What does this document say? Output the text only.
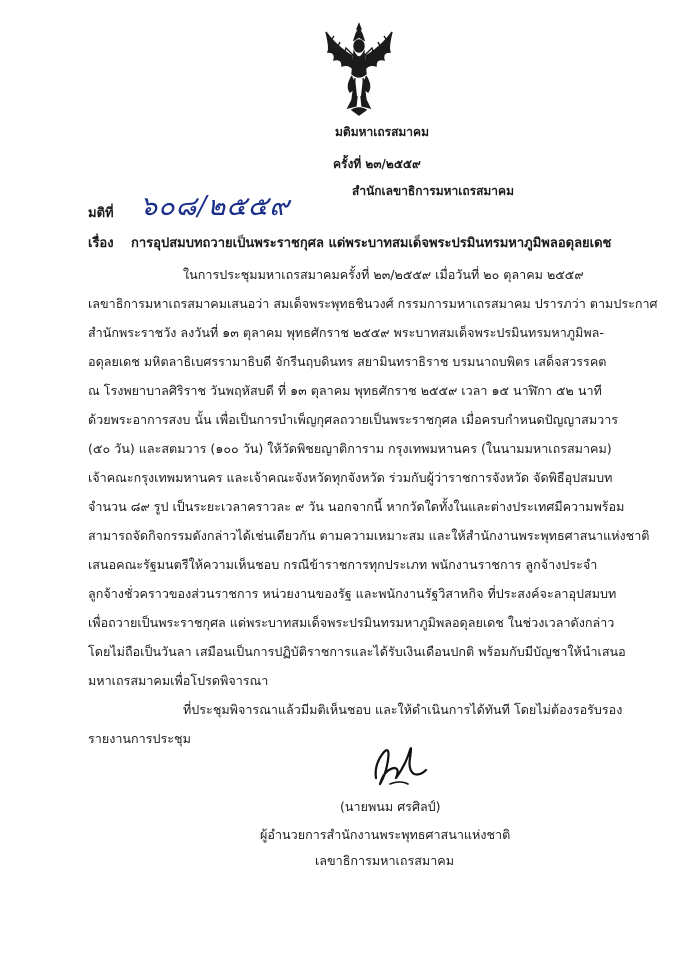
มติมหาเถรสมาคม
ครั้งที่ ๒๓/๒๕๕๙
สำนักเลขาธิการมหาเถรสมาคม
มติที่ ๖๐๘/๒๕๕๙
เรื่อง การอุปสมบทถวายเป็นพระราชกุศล แด่พระบาทสมเด็จพระปรมินทรมหาภูมิพลอดุลยเดช
ในการประชุมมหาเถรสมาคมครั้งที่ ๒๓/๒๕๕๙ เมื่อวันที่ ๒๐ ตุลาคม ๒๕๕๙
เลขาธิการมหาเถรสมาคมเสนอว่า สมเด็จพระพุทธชินวงศ์ กรรมการมหาเถรสมาคม ปรารภว่า ตามประกาศ
สำนักพระราชวัง ลงวันที่ ๑๓ ตุลาคม พุทธศักราช ๒๕๕๙ พระบาทสมเด็จพระปรมินทรมหาภูมิพล-
อดุลยเดช มหิตลาธิเบศรรามาธิบดี จักรีนฤบดินทร สยามินทราธิราช บรมนาถบพิตร เสด็จสวรรคต
ณ โรงพยาบาลศิริราช วันพฤหัสบดี ที่ ๑๓ ตุลาคม พุทธศักราช ๒๕๕๙ เวลา ๑๕ นาฬิกา ๕๒ นาที
ด้วยพระอาการสงบ นั้น เพื่อเป็นการบำเพ็ญกุศลถวายเป็นพระราชกุศล เมื่อครบกำหนดปัญญาสมวาร
(๕๐ วัน) และสตมวาร (๑๐๐ วัน) ให้วัดพิชยญาติการาม กรุงเทพมหานคร (ในนามมหาเถรสมาคม)
เจ้าคณะกรุงเทพมหานคร และเจ้าคณะจังหวัดทุกจังหวัด ร่วมกับผู้ว่าราชการจังหวัด จัดพิธีอุปสมบท
จำนวน ๘๙ รูป เป็นระยะเวลาคราวละ ๙ วัน นอกจากนี้ หากวัดใดทั้งในและต่างประเทศมีความพร้อม
สามารถจัดกิจกรรมดังกล่าวได้เช่นเดียวกัน ตามความเหมาะสม และให้สำนักงานพระพุทธศาสนาแห่งชาติ
เสนอคณะรัฐมนตรีให้ความเห็นชอบ กรณีข้าราชการทุกประเภท พนักงานราชการ ลูกจ้างประจำ
ลูกจ้างชั่วคราวของส่วนราชการ หน่วยงานของรัฐ และพนักงานรัฐวิสาหกิจ ที่ประสงค์จะลาอุปสมบท
เพื่อถวายเป็นพระราชกุศล แด่พระบาทสมเด็จพระปรมินทรมหาภูมิพลอดุลยเดช ในช่วงเวลาดังกล่าว
โดยไม่ถือเป็นวันลา เสมือนเป็นการปฏิบัติราชการและได้รับเงินเดือนปกติ พร้อมกับมีบัญชาให้นำเสนอ
มหาเถรสมาคมเพื่อโปรดพิจารณา
ที่ประชุมพิจารณาแล้วมีมติเห็นชอบ และให้ดำเนินการได้ทันที โดยไม่ต้องรอรับรอง
รายงานการประชุม
(นายพนม ศรศิลป์)
ผู้อำนวยการสำนักงานพระพุทธศาสนาแห่งชาติ
เลขาธิการมหาเถรสมาคม
